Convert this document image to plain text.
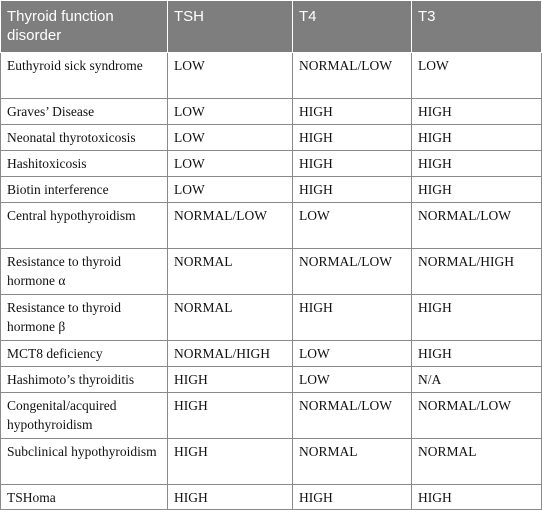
Thyroid function disorder	TSH	T4	T3
Euthyroid sick syndrome	LOW	NORMAL/LOW	LOW
Graves’ Disease	LOW	HIGH	HIGH
Neonatal thyrotoxicosis	LOW	HIGH	HIGH
Hashitoxicosis	LOW	HIGH	HIGH
Biotin interference	LOW	HIGH	HIGH
Central hypothyroidism	NORMAL/LOW	LOW	NORMAL/LOW
Resistance to thyroid hormone α	NORMAL	NORMAL/LOW	NORMAL/HIGH
Resistance to thyroid hormone β	NORMAL	HIGH	HIGH
MCT8 deficiency	NORMAL/HIGH	LOW	HIGH
Hashimoto’s thyroiditis	HIGH	LOW	N/A
Congenital/acquired hypothyroidism	HIGH	NORMAL/LOW	NORMAL/LOW
Subclinical hypothyroidism	HIGH	NORMAL	NORMAL
TSHoma	HIGH	HIGH	HIGH
